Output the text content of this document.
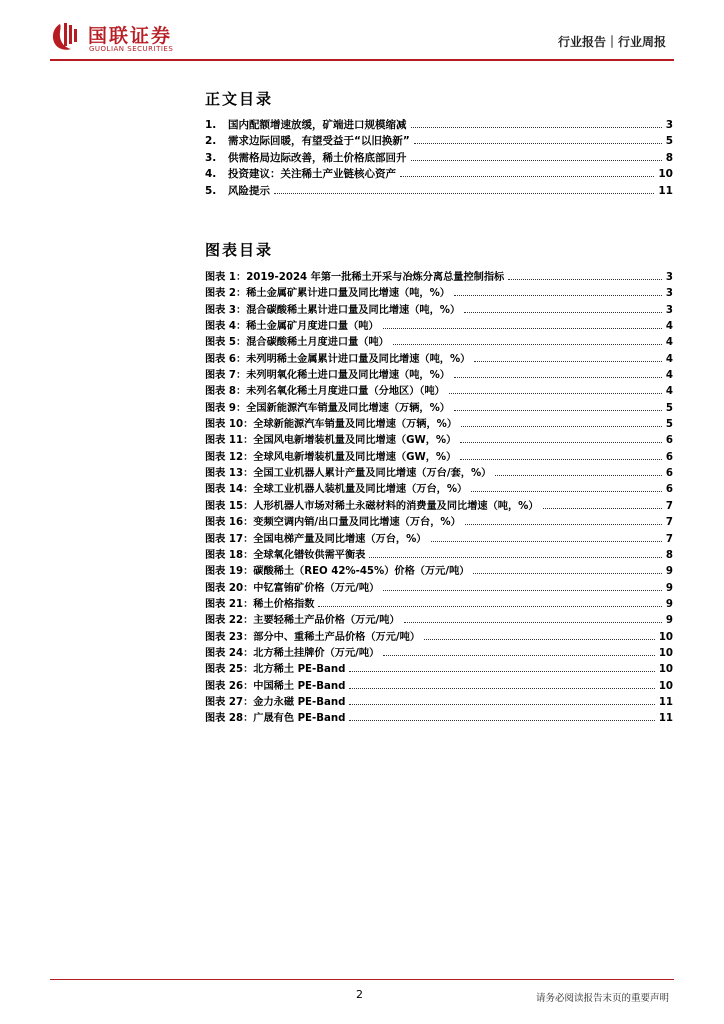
国联证券
GUOLIAN SECURITIES	行业报告｜行业周报
正文目录
1.	国内配额增速放缓，矿端进口规模缩减	3
2.	需求边际回暖，有望受益于“以旧换新”	5
3.	供需格局边际改善，稀土价格底部回升	8
4.	投资建议：关注稀土产业链核心资产	10
5.	风险提示	11
图表目录
图表 1：2019-2024 年第一批稀土开采与冶炼分离总量控制指标	3
图表 2：稀土金属矿累计进口量及同比增速（吨，%）	3
图表 3：混合碳酸稀土累计进口量及同比增速（吨，%）	3
图表 4：稀土金属矿月度进口量（吨）	4
图表 5：混合碳酸稀土月度进口量（吨）	4
图表 6：未列明稀土金属累计进口量及同比增速（吨，%）	4
图表 7：未列明氧化稀土进口量及同比增速（吨，%）	4
图表 8：未列名氧化稀土月度进口量（分地区）（吨）	4
图表 9：全国新能源汽车销量及同比增速（万辆，%）	5
图表 10：全球新能源汽车销量及同比增速（万辆，%）	5
图表 11：全国风电新增装机量及同比增速（GW，%）	6
图表 12：全球风电新增装机量及同比增速（GW，%）	6
图表 13：全国工业机器人累计产量及同比增速（万台/套，%）	6
图表 14：全球工业机器人装机量及同比增速（万台，%）	6
图表 15：人形机器人市场对稀土永磁材料的消费量及同比增速（吨，%）	7
图表 16：变频空调内销/出口量及同比增速（万台，%）	7
图表 17：全国电梯产量及同比增速（万台，%）	7
图表 18：全球氧化镨钕供需平衡表	8
图表 19：碳酸稀土（REO 42%-45%）价格（万元/吨）	9
图表 20：中钇富铕矿价格（万元/吨）	9
图表 21：稀土价格指数	9
图表 22：主要轻稀土产品价格（万元/吨）	9
图表 23：部分中、重稀土产品价格（万元/吨）	10
图表 24：北方稀土挂牌价（万元/吨）	10
图表 25：北方稀土 PE-Band	10
图表 26：中国稀土 PE-Band	10
图表 27：金力永磁 PE-Band	11
图表 28：广晟有色 PE-Band	11
2	请务必阅读报告末页的重要声明
